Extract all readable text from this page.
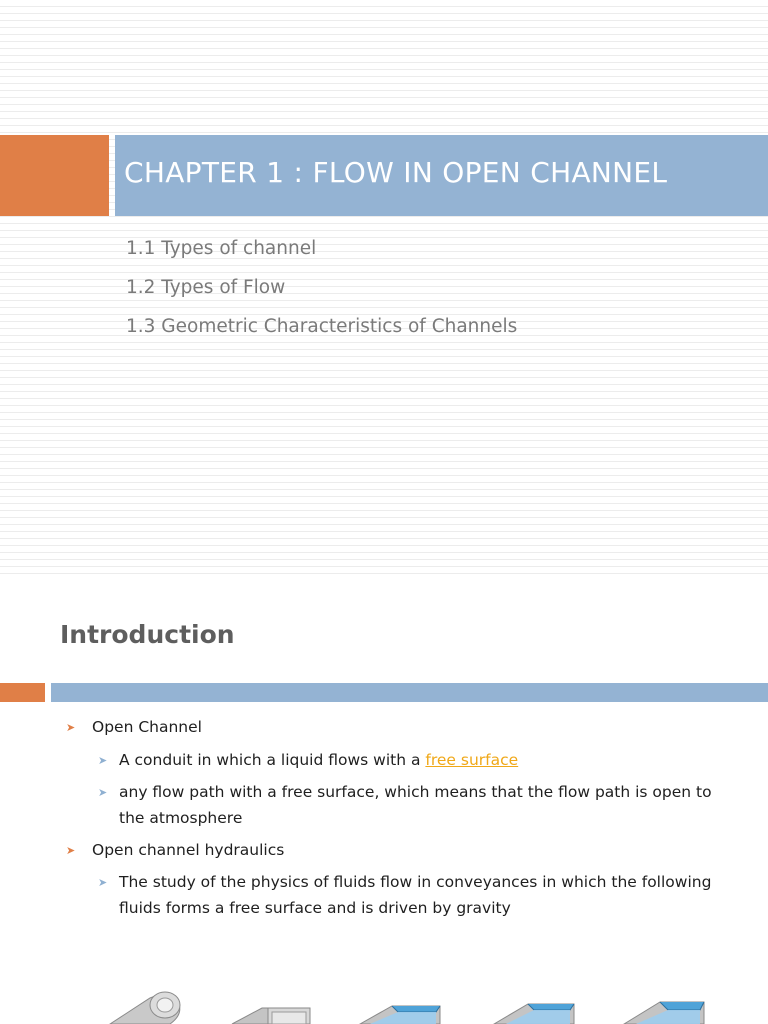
CHAPTER 1 : FLOW IN OPEN CHANNEL

1.1 Types of channel

1.2 Types of Flow

1.3 Geometric Characteristics of Channels

Introduction
➤ Open Channel
➤ A conduit in which a liquid flows with a free surface
➤ any flow path with a free surface, which means that the flow path is open to the atmosphere
➤ Open channel hydraulics
➤ The study of the physics of fluids flow in conveyances in which the following fluids forms a free surface and is driven by gravity
